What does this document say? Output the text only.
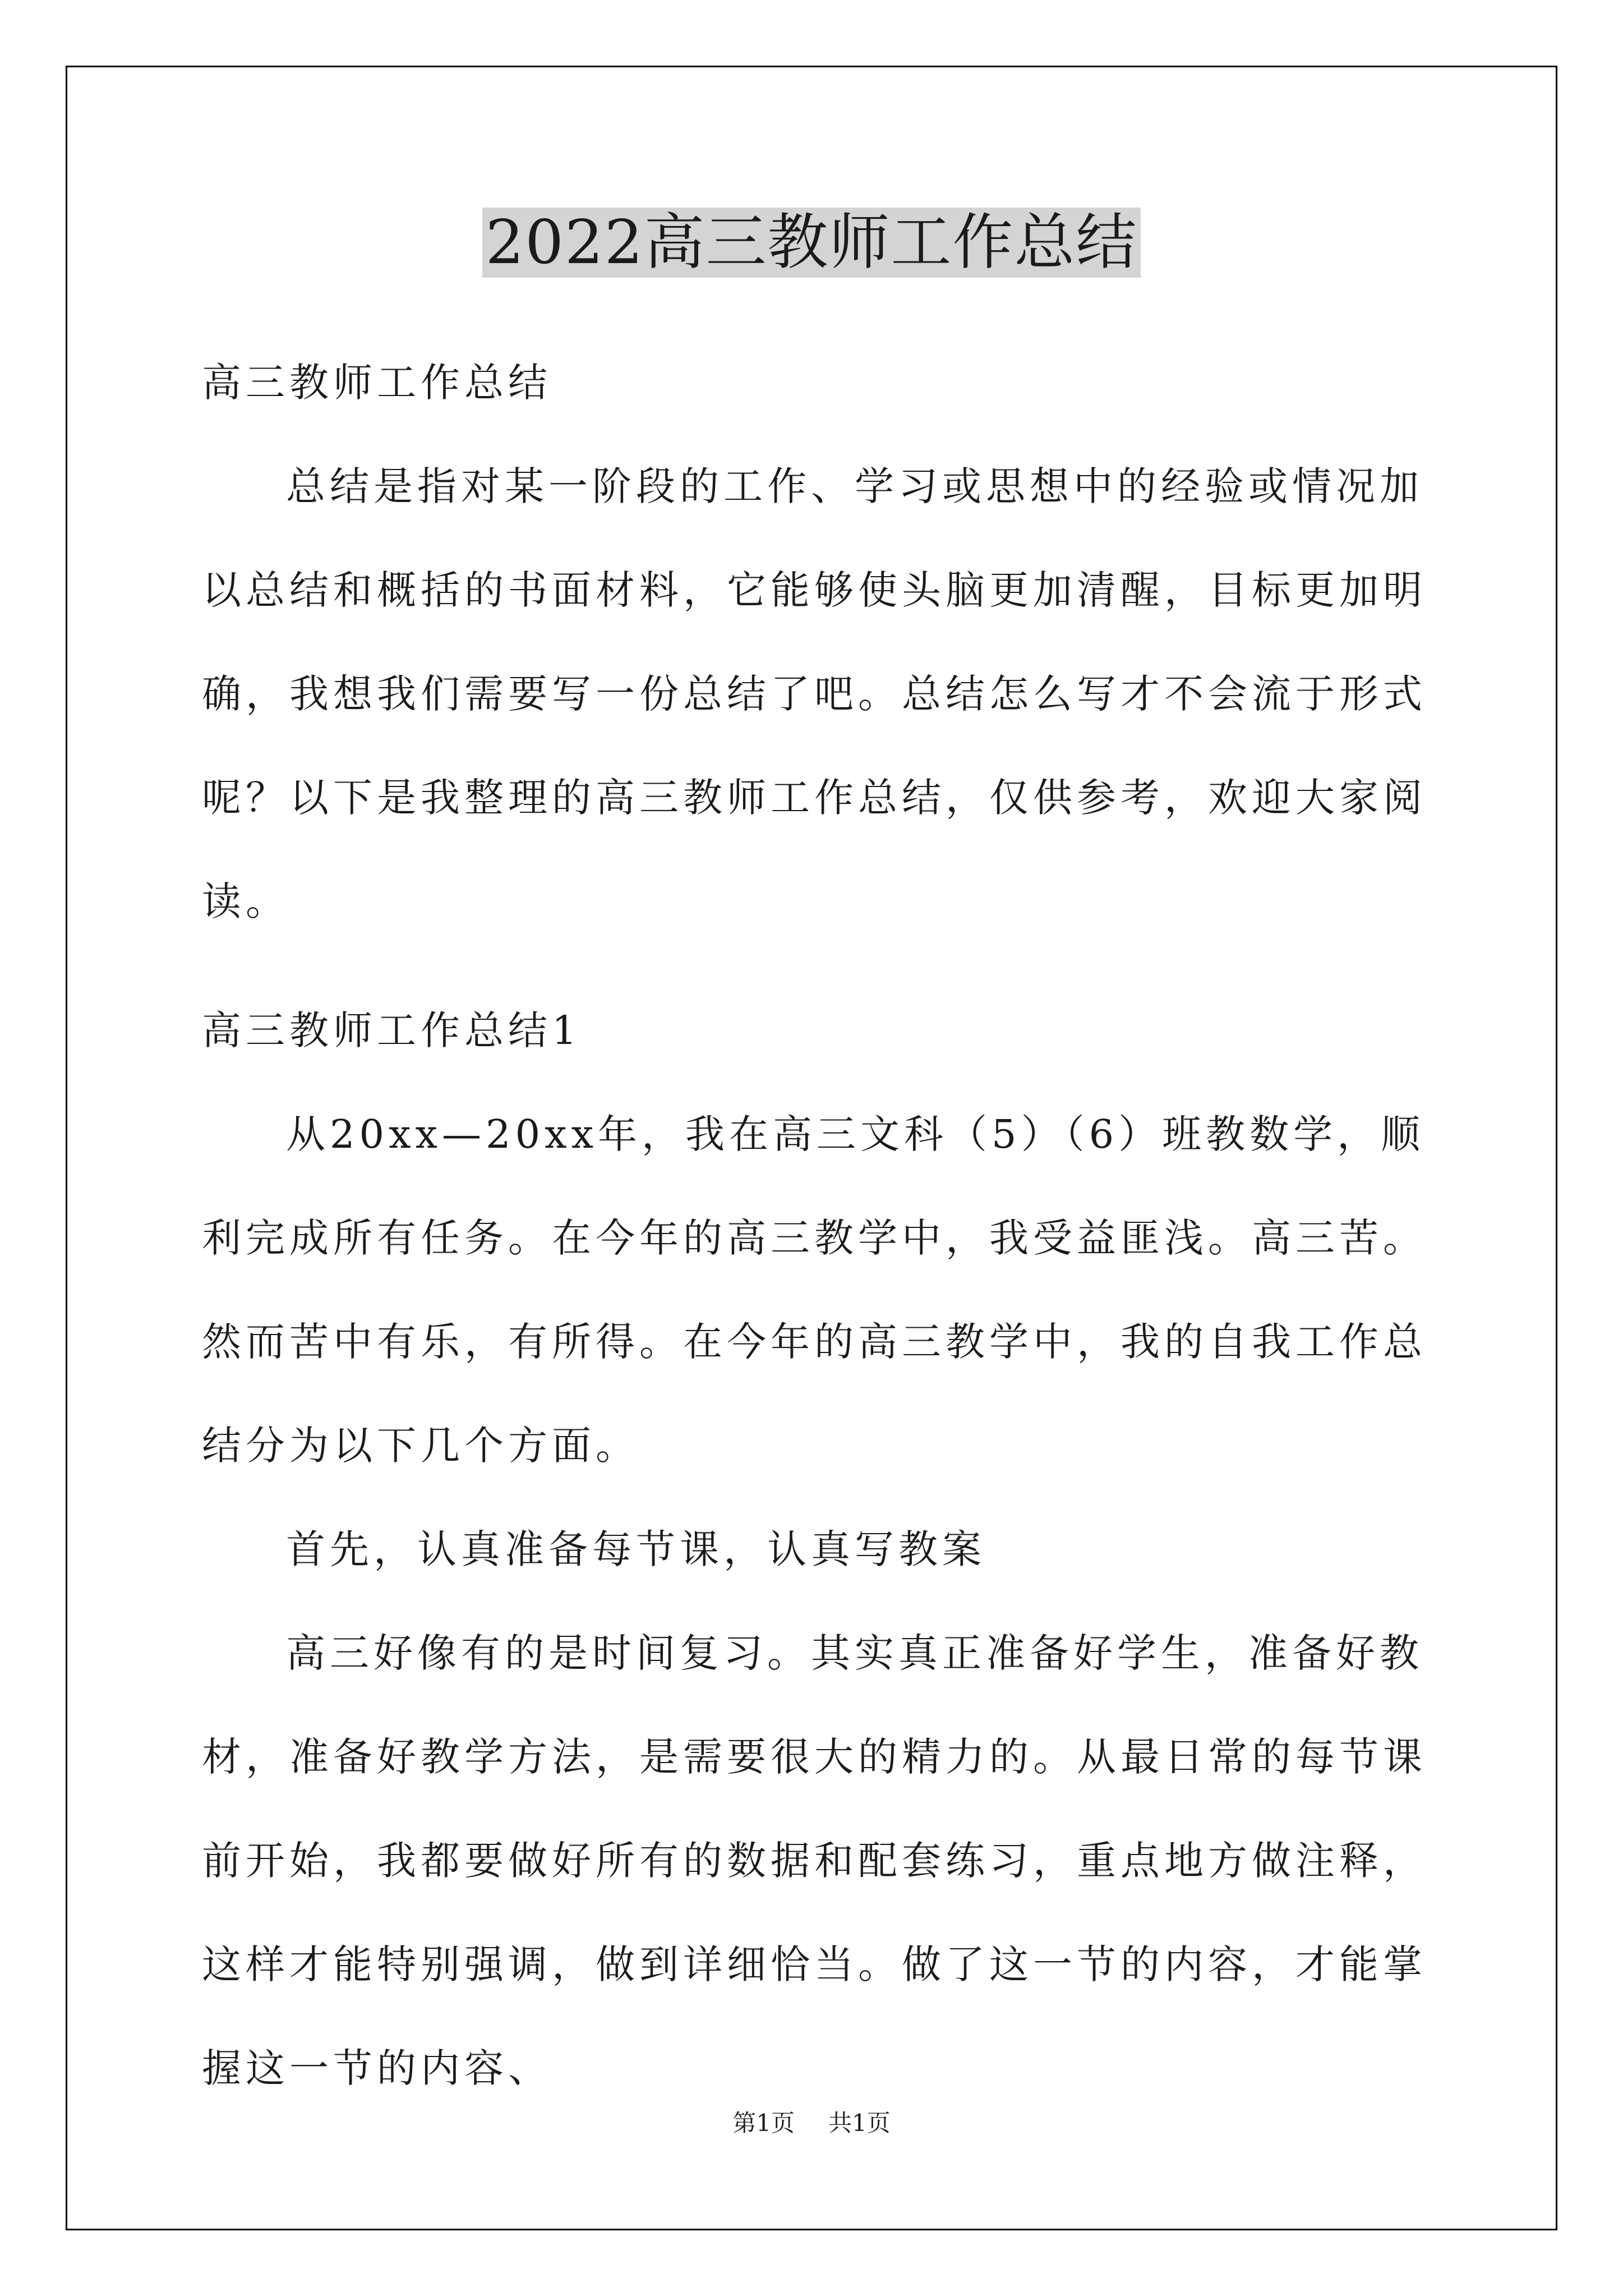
2022高三教师工作总结
高三教师工作总结
总结是指对某一阶段的工作、学习或思想中的经验或情况加以总结和概括的书面材料，它能够使头脑更加清醒，目标更加明确，我想我们需要写一份总结了吧。总结怎么写才不会流于形式呢？以下是我整理的高三教师工作总结，仅供参考，欢迎大家阅读。
高三教师工作总结1
从20xx—20xx年，我在高三文科（5）（6）班教数学，顺利完成所有任务。在今年的高三教学中，我受益匪浅。高三苦。然而苦中有乐，有所得。在今年的高三教学中，我的自我工作总结分为以下几个方面。
首先，认真准备每节课，认真写教案
高三好像有的是时间复习。其实真正准备好学生，准备好教材，准备好教学方法，是需要很大的精力的。从最日常的每节课前开始，我都要做好所有的数据和配套练习，重点地方做注释，这样才能特别强调，做到详细恰当。做了这一节的内容，才能掌握这一节的内容、
第1页 共1页
